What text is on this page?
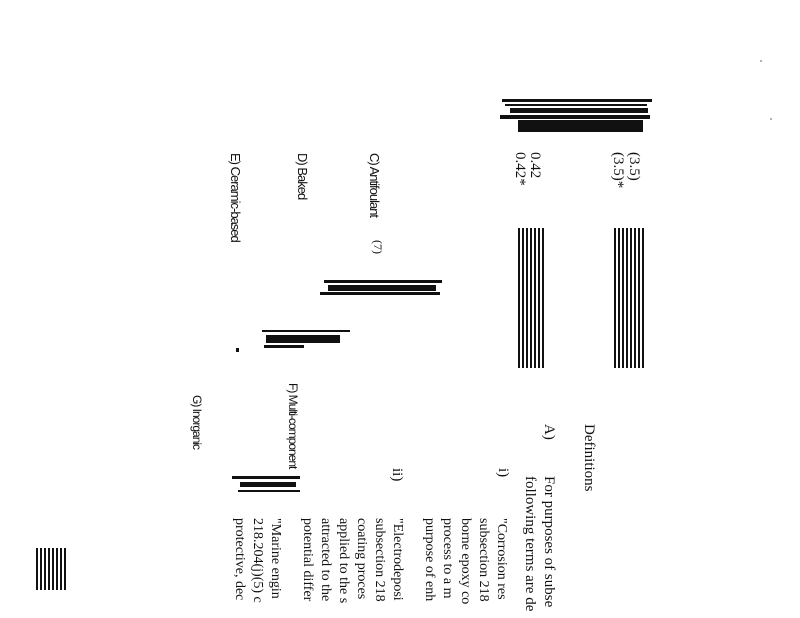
(3.5)
(3.5)*
0.42
0.42*
C) Antifoulant
D) Baked
E) Ceramic-based
(7)
F) Multi-component
G) Inorganic
Definitions
A)
For purposes of subse
following terms are de
i)
"Corrosion res
subsection 218
borne epoxy co
process to a m
purpose of enh
ii)
"Electrodeposi
subsection 218
coating proces
applied to the s
attracted to the
potential differ
"Marine engin
218.204(j)(5) c
protective, dec
